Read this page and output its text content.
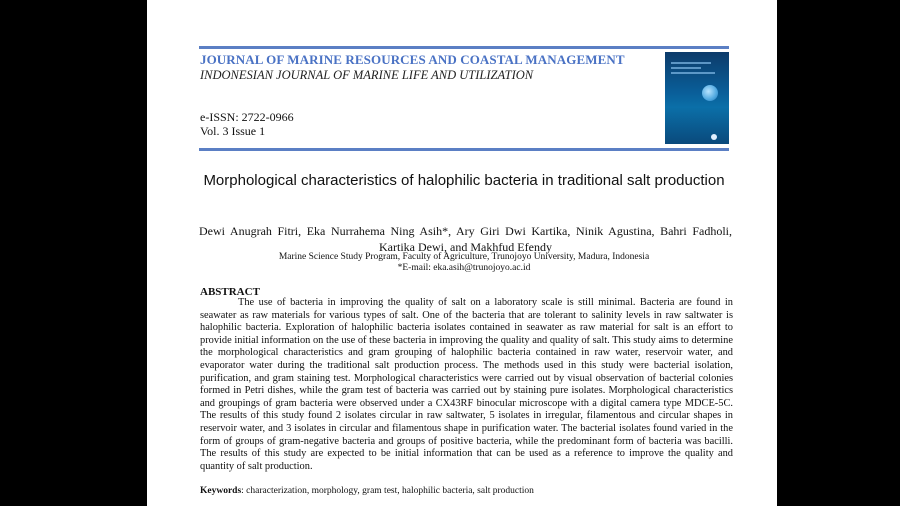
JOURNAL OF MARINE RESOURCES AND COASTAL MANAGEMENT
INDONESIAN JOURNAL OF MARINE LIFE AND UTILIZATION
e-ISSN: 2722-0966
Vol. 3 Issue 1
Morphological characteristics of halophilic bacteria in traditional salt production
Dewi Anugrah Fitri, Eka Nurrahema Ning Asih*, Ary Giri Dwi Kartika, Ninik Agustina, Bahri Fadholi, Kartika Dewi, and Makhfud Efendy
Marine Science Study Program, Faculty of Agriculture, Trunojoyo University, Madura, Indonesia
*E-mail: eka.asih@trunojoyo.ac.id
ABSTRACT
The use of bacteria in improving the quality of salt on a laboratory scale is still minimal. Bacteria are found in seawater as raw materials for various types of salt. One of the bacteria that are tolerant to salinity levels in raw saltwater is halophilic bacteria. Exploration of halophilic bacteria isolates contained in seawater as raw material for salt is an effort to provide initial information on the use of these bacteria in improving the quality and quality of salt. This study aims to determine the morphological characteristics and gram grouping of halophilic bacteria contained in raw water, reservoir water, and evaporator water during the traditional salt production process. The methods used in this study were bacterial isolation, purification, and gram staining test. Morphological characteristics were carried out by visual observation of bacterial colonies formed in Petri dishes, while the gram test of bacteria was carried out by staining pure isolates. Morphological characteristics and groupings of gram bacteria were observed under a CX43RF binocular microscope with a digital camera type MDCE-5C. The results of this study found 2 isolates circular in raw saltwater, 5 isolates in irregular, filamentous and circular shapes in reservoir water, and 3 isolates in circular and filamentous shape in purification water. The bacterial isolates found varied in the form of groups of gram-negative bacteria and groups of positive bacteria, while the predominant form of bacteria was bacilli. The results of this study are expected to be initial information that can be used as a reference to improve the quality and quantity of salt production.
Keywords: characterization, morphology, gram test, halophilic bacteria, salt production
